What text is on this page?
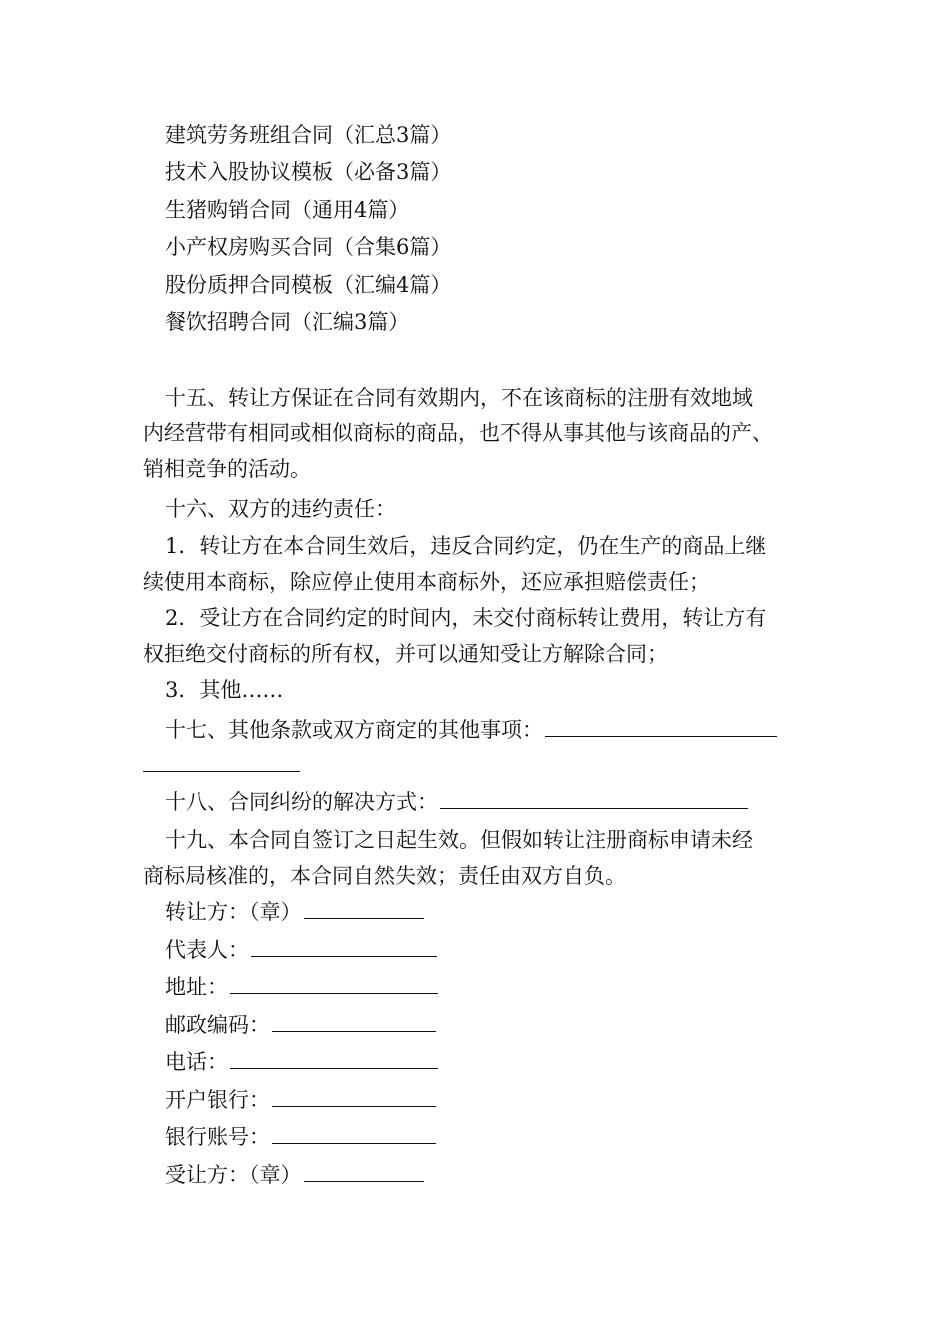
建筑劳务班组合同（汇总3篇）
技术入股协议模板（必备3篇）
生猪购销合同（通用4篇）
小产权房购买合同（合集6篇）
股份质押合同模板（汇编4篇）
餐饮招聘合同（汇编3篇）
十五、转让方保证在合同有效期内，不在该商标的注册有效地域
内经营带有相同或相似商标的商品，也不得从事其他与该商品的产、
销相竞争的活动。
十六、双方的违约责任：
1．转让方在本合同生效后，违反合同约定，仍在生产的商品上继
续使用本商标，除应停止使用本商标外，还应承担赔偿责任；
2．受让方在合同约定的时间内，未交付商标转让费用，转让方有
权拒绝交付商标的所有权，并可以通知受让方解除合同；
3．其他……
十七、其他条款或双方商定的其他事项：
十八、合同纠纷的解决方式：
十九、本合同自签订之日起生效。但假如转让注册商标申请未经
商标局核准的，本合同自然失效；责任由双方自负。
转让方：（章）
代表人：
地址：
邮政编码：
电话：
开户银行：
银行账号：
受让方：（章）
